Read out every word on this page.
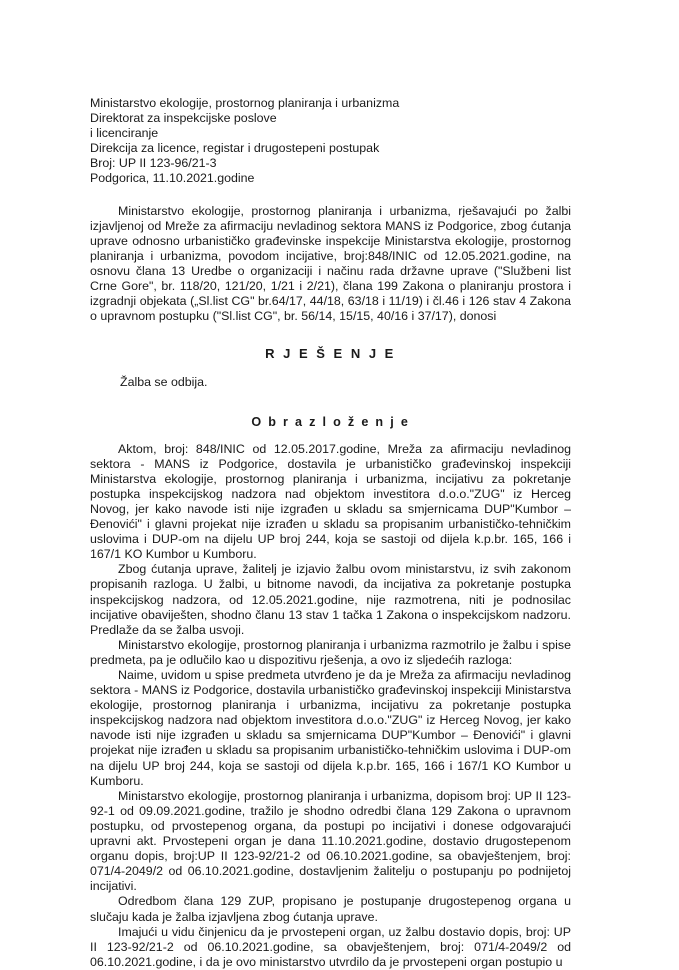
Ministarstvo ekologije, prostornog planiranja i urbanizma
Direktorat za inspekcijske poslove
i licenciranje
Direkcija za licence, registar i drugostepeni postupak
Broj: UP II 123-96/21-3
Podgorica, 11.10.2021.godine

Ministarstvo ekologije, prostornog planiranja i urbanizma, rješavajući po žalbi izjavljenoj od Mreže za afirmaciju nevladinog sektora MANS iz Podgorice, zbog ćutanja uprave odnosno urbanističko građevinske inspekcije Ministarstva ekologije, prostornog planiranja i urbanizma, povodom incijative, broj:848/INIC od 12.05.2021.godine, na osnovu člana 13 Uredbe o organizaciji i načinu rada državne uprave ("Službeni list Crne Gore", br. 118/20, 121/20, 1/21 i 2/21), člana 199 Zakona o planiranju prostora i izgradnji objekata („Sl.list CG" br.64/17, 44/18, 63/18 i 11/19) i čl.46 i 126 stav 4 Zakona o upravnom postupku ("Sl.list CG", br. 56/14, 15/15, 40/16 i 37/17), donosi

R J E Š E N J E

Žalba se odbija.

O b r a z l o ž e n j e

Aktom, broj: 848/INIC od 12.05.2017.godine, Mreža za afirmaciju nevladinog sektora - MANS iz Podgorice, dostavila je urbanističko građevinskoj inspekciji Ministarstva ekologije, prostornog planiranja i urbanizma, incijativu za pokretanje postupka inspekcijskog nadzora nad objektom investitora d.o.o."ZUG" iz Herceg Novog, jer kako navode isti nije izgrađen u skladu sa smjernicama DUP"Kumbor – Đenovići" i glavni projekat nije izrađen u skladu sa propisanim urbanističko-tehničkim uslovima i DUP-om na dijelu UP broj 244, koja se sastoji od dijela k.p.br. 165, 166 i 167/1 KO Kumbor u Kumboru.

Zbog ćutanja uprave, žalitelj je izjavio žalbu ovom ministarstvu, iz svih zakonom propisanih razloga. U žalbi, u bitnome navodi, da incijativa za pokretanje postupka inspekcijskog nadzora, od 12.05.2021.godine, nije razmotrena, niti je podnosilac incijative obaviješten, shodno članu 13 stav 1 tačka 1 Zakona o inspekcijskom nadzoru. Predlaže da se žalba usvoji.

Ministarstvo ekologije, prostornog planiranja i urbanizma razmotrilo je žalbu i spise predmeta, pa je odlučilo kao u dispozitivu rješenja, a ovo iz sljedećih razloga:

Naime, uvidom u spise predmeta utvrđeno je da je Mreža za afirmaciju nevladinog sektora - MANS iz Podgorice, dostavila urbanističko građevinskoj inspekciji Ministarstva ekologije, prostornog planiranja i urbanizma, incijativu za pokretanje postupka inspekcijskog nadzora nad objektom investitora d.o.o."ZUG" iz Herceg Novog, jer kako navode isti nije izgrađen u skladu sa smjernicama DUP"Kumbor – Đenovići" i glavni projekat nije izrađen u skladu sa propisanim urbanističko-tehničkim uslovima i DUP-om na dijelu UP broj 244, koja se sastoji od dijela k.p.br. 165, 166 i 167/1 KO Kumbor u Kumboru.

Ministarstvo ekologije, prostornog planiranja i urbanizma, dopisom broj: UP II 123-92-1 od 09.09.2021.godine, tražilo je shodno odredbi člana 129 Zakona o upravnom postupku, od prvostepenog organa, da postupi po incijativi i donese odgovarajući upravni akt. Prvostepeni organ je dana 11.10.2021.godine, dostavio drugostepenom organu dopis, broj:UP II 123-92/21-2 od 06.10.2021.godine, sa obavještenjem, broj: 071/4-2049/2 od 06.10.2021.godine, dostavljenim žalitelju o postupanju po podnijetoj incijativi.

Odredbom člana 129 ZUP, propisano je postupanje drugostepenog organa u slučaju kada je žalba izjavljena zbog ćutanja uprave.

Imajući u vidu činjenicu da je prvostepeni organ, uz žalbu dostavio dopis, broj: UP II 123-92/21-2 od 06.10.2021.godine, sa obavještenjem, broj: 071/4-2049/2 od 06.10.2021.godine, i da je ovo ministarstvo utvrdilo da je prvostepeni organ postupio u
